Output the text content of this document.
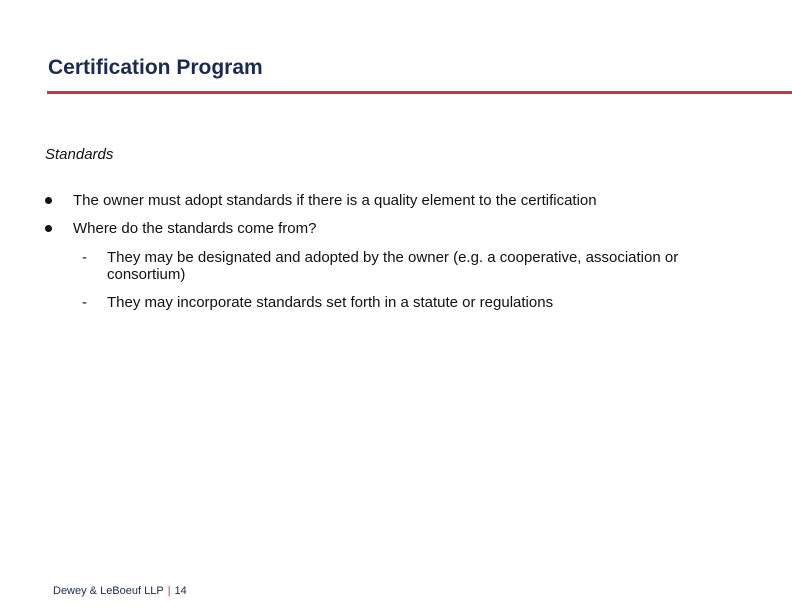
Certification Program
Standards
The owner must adopt standards if there is a quality element to the certification
Where do the standards come from?
- They may be designated and adopted by the owner (e.g. a cooperative, association or consortium)
- They may incorporate standards set forth in a statute or regulations
Dewey & LeBoeuf LLP | 14
